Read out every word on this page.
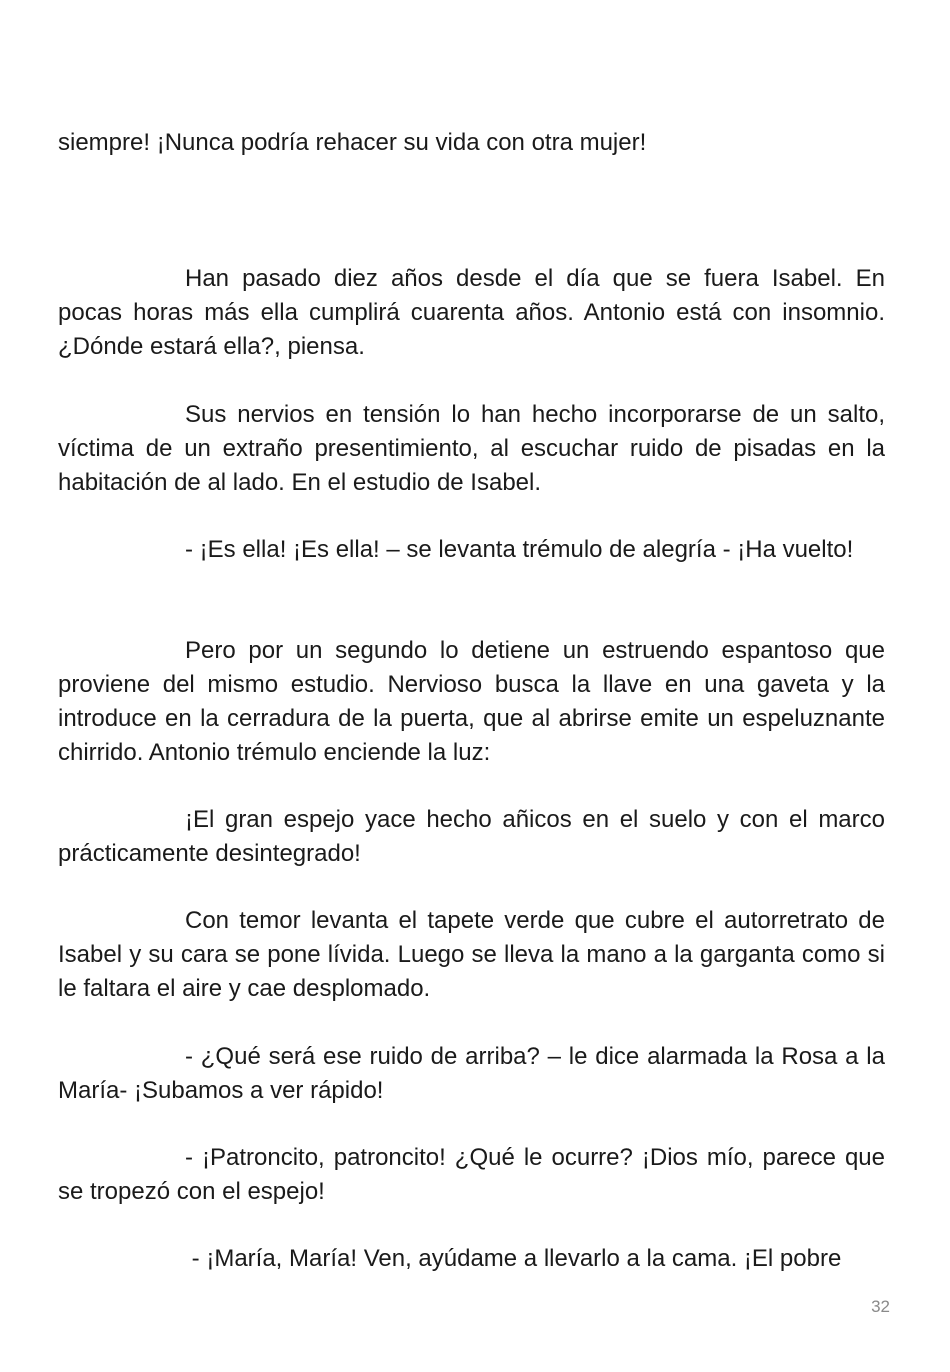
siempre! ¡Nunca podría rehacer su vida con otra mujer!

Han pasado diez años desde el día que se fuera Isabel. En pocas horas más ella cumplirá cuarenta años. Antonio está con insomnio. ¿Dónde estará ella?, piensa.

Sus nervios en tensión lo han hecho incorporarse de un salto, víctima de un extraño presentimiento, al escuchar ruido de pisadas en la habitación de al lado. En el estudio de Isabel.

- ¡Es ella! ¡Es ella! – se levanta trémulo de alegría - ¡Ha vuelto!

Pero por un segundo lo detiene un estruendo espantoso que proviene del mismo estudio. Nervioso busca la llave en una gaveta y la introduce en la cerradura de la puerta, que al abrirse emite un espeluznante chirrido. Antonio trémulo enciende la luz:

¡El gran espejo yace hecho añicos en el suelo y con el marco prácticamente desintegrado!

Con temor levanta el tapete verde que cubre el autorretrato de Isabel y su cara se pone lívida. Luego se lleva la mano a la garganta como si le faltara el aire y cae desplomado.

- ¿Qué será ese ruido de arriba? – le dice alarmada la Rosa a la María- ¡Subamos a ver rápido!

- ¡Patroncito, patroncito! ¿Qué le ocurre? ¡Dios mío, parece que se tropezó con el espejo!

- ¡María, María! Ven, ayúdame a llevarlo a la cama. ¡El pobre

32
